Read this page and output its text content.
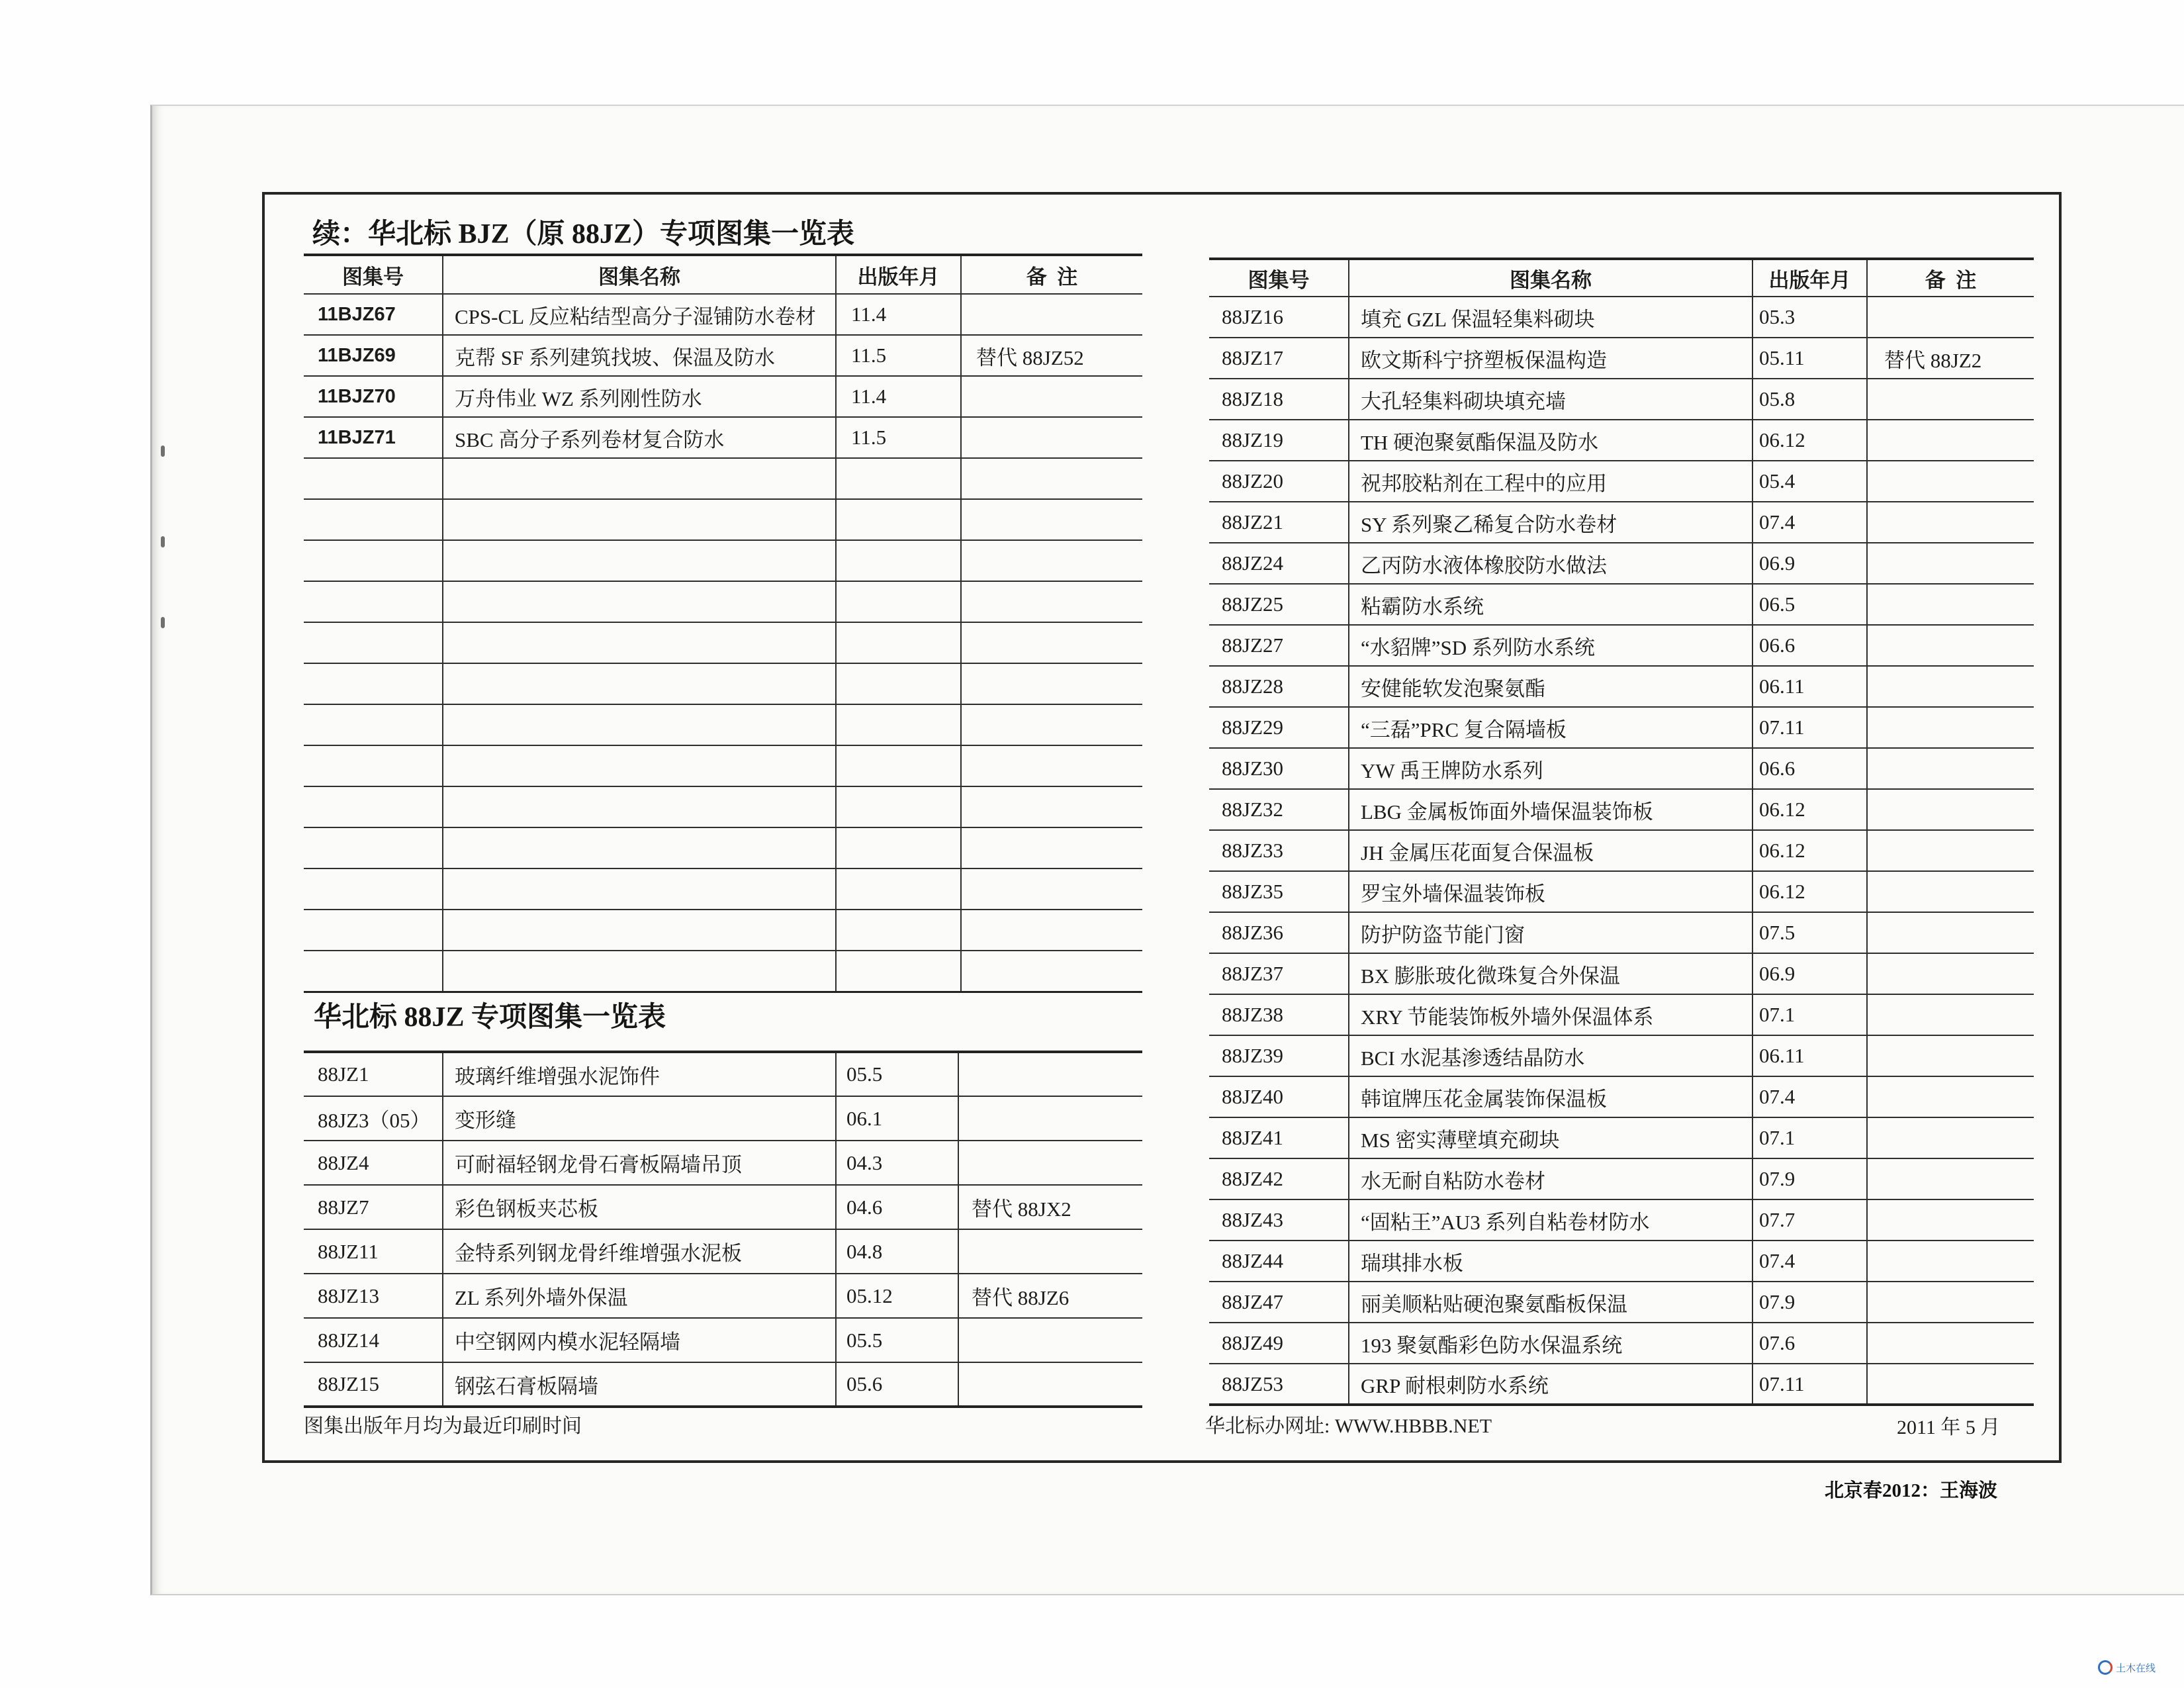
续：华北标 BJZ（原 88JZ）专项图集一览表
图集号	图集名称	出版年月	备  注
11BJZ67	CPS-CL 反应粘结型高分子湿铺防水卷材	11.4	
11BJZ69	克帮 SF 系列建筑找坡、保温及防水	11.5	替代 88JZ52
11BJZ70	万舟伟业 WZ 系列刚性防水	11.4	
11BJZ71	SBC 高分子系列卷材复合防水	11.5	

华北标 88JZ 专项图集一览表
88JZ1	玻璃纤维增强水泥饰件	05.5	
88JZ3（05）	变形缝	06.1	
88JZ4	可耐福轻钢龙骨石膏板隔墙吊顶	04.3	
88JZ7	彩色钢板夹芯板	04.6	替代 88JX2
88JZ11	金特系列钢龙骨纤维增强水泥板	04.8	
88JZ13	ZL 系列外墙外保温	05.12	替代 88JZ6
88JZ14	中空钢网内模水泥轻隔墙	05.5	
88JZ15	钢弦石膏板隔墙	05.6	
图集出版年月均为最近印刷时间
图集号	图集名称	出版年月	备  注
88JZ16	填充 GZL 保温轻集料砌块	05.3	
88JZ17	欧文斯科宁挤塑板保温构造	05.11	替代 88JZ2
88JZ18	大孔轻集料砌块填充墙	05.8	
88JZ19	TH 硬泡聚氨酯保温及防水	06.12	
88JZ20	祝邦胶粘剂在工程中的应用	05.4	
88JZ21	SY 系列聚乙稀复合防水卷材	07.4	
88JZ24	乙丙防水液体橡胶防水做法	06.9	
88JZ25	粘霸防水系统	06.5	
88JZ27	“水貂牌”SD 系列防水系统	06.6	
88JZ28	安健能软发泡聚氨酯	06.11	
88JZ29	“三磊”PRC 复合隔墙板	07.11	
88JZ30	YW 禹王牌防水系列	06.6	
88JZ32	LBG 金属板饰面外墙保温装饰板	06.12	
88JZ33	JH 金属压花面复合保温板	06.12	
88JZ35	罗宝外墙保温装饰板	06.12	
88JZ36	防护防盗节能门窗	07.5	
88JZ37	BX 膨胀玻化微珠复合外保温	06.9	
88JZ38	XRY 节能装饰板外墙外保温体系	07.1	
88JZ39	BCI 水泥基渗透结晶防水	06.11	
88JZ40	韩谊牌压花金属装饰保温板	07.4	
88JZ41	MS 密实薄壁填充砌块	07.1	
88JZ42	水无耐自粘防水卷材	07.9	
88JZ43	“固粘王”AU3 系列自粘卷材防水	07.7	
88JZ44	瑞琪排水板	07.4	
88JZ47	丽美顺粘贴硬泡聚氨酯板保温	07.9	
88JZ49	193 聚氨酯彩色防水保温系统	07.6	
88JZ53	GRP 耐根刺防水系统	07.11	
华北标办网址: WWW.HBBB.NET	2011 年 5 月
北京春2012：王海波
土木在线
